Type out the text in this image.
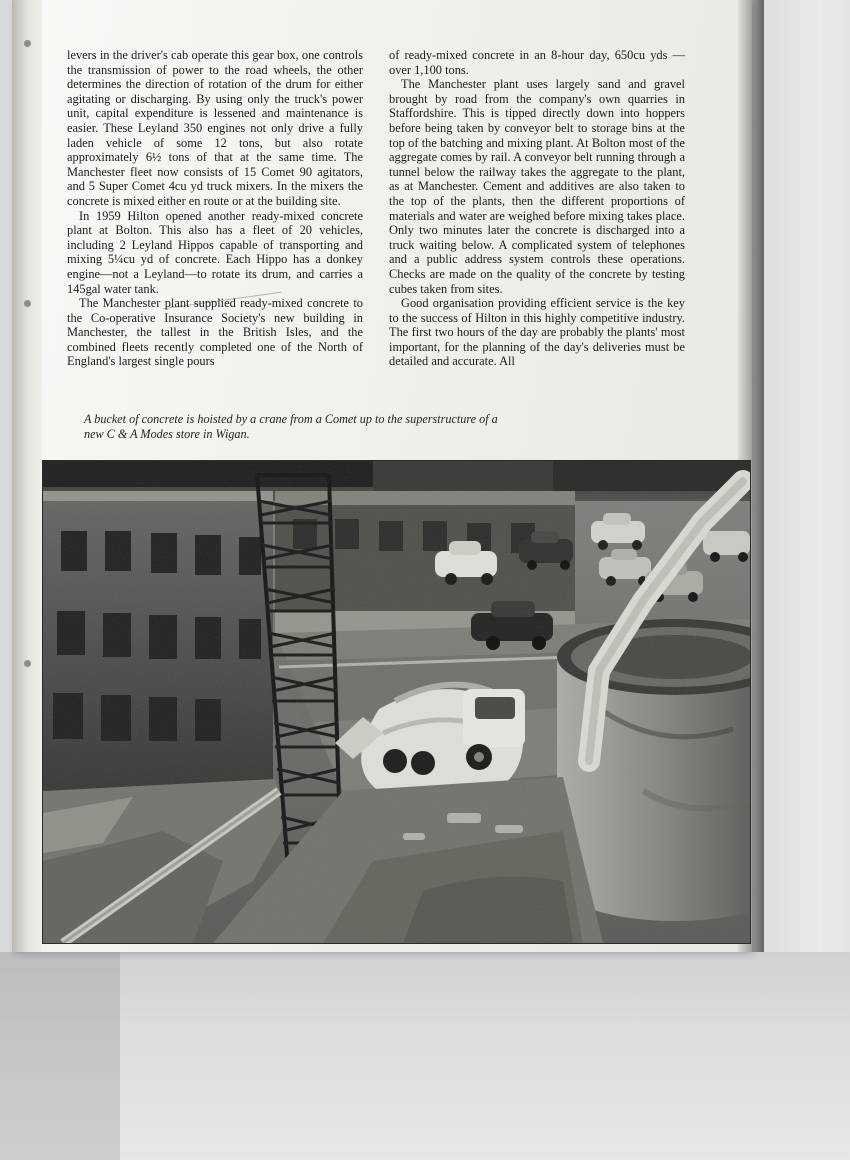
levers in the driver's cab operate this gear box, one controls the transmission of power to the road wheels, the other determines the direction of rotation of the drum for either agitating or discharging. By using only the truck's power unit, capital expenditure is lessened and maintenance is easier. These Leyland 350 engines not only drive a fully laden vehicle of some 12 tons, but also rotate approximately 6½ tons of that at the same time. The Manchester fleet now consists of 15 Comet 90 agitators, and 5 Super Comet 4cu yd truck mixers. In the mixers the concrete is mixed either en route or at the building site.

In 1959 Hilton opened another ready-mixed concrete plant at Bolton. This also has a fleet of 20 vehicles, including 2 Leyland Hippos capable of transporting and mixing 5¼cu yd of concrete. Each Hippo has a donkey engine—not a Leyland—to rotate its drum, and carries a 145gal water tank.

The Manchester plant supplied ready-mixed concrete to the Co-operative Insurance Society's new building in Manchester, the tallest in the British Isles, and the combined fleets recently completed one of the North of England's largest single pours

of ready-mixed concrete in an 8-hour day, 650cu yds —over 1,100 tons.

The Manchester plant uses largely sand and gravel brought by road from the company's own quarries in Staffordshire. This is tipped directly down into hoppers before being taken by conveyor belt to storage bins at the top of the batching and mixing plant. At Bolton most of the aggregate comes by rail. A conveyor belt running through a tunnel below the railway takes the aggregate to the plant, as at Manchester. Cement and additives are also taken to the top of the plants, then the different proportions of materials and water are weighed before mixing takes place. Only two minutes later the concrete is discharged into a truck waiting below. A complicated system of telephones and a public address system controls these operations. Checks are made on the quality of the concrete by testing cubes taken from sites.

Good organisation providing efficient service is the key to the success of Hilton in this highly competitive industry. The first two hours of the day are probably the plants' most important, for the planning of the day's deliveries must be detailed and accurate. All

A bucket of concrete is hoisted by a crane from a Comet up to the superstructure of a new C & A Modes store in Wigan.
